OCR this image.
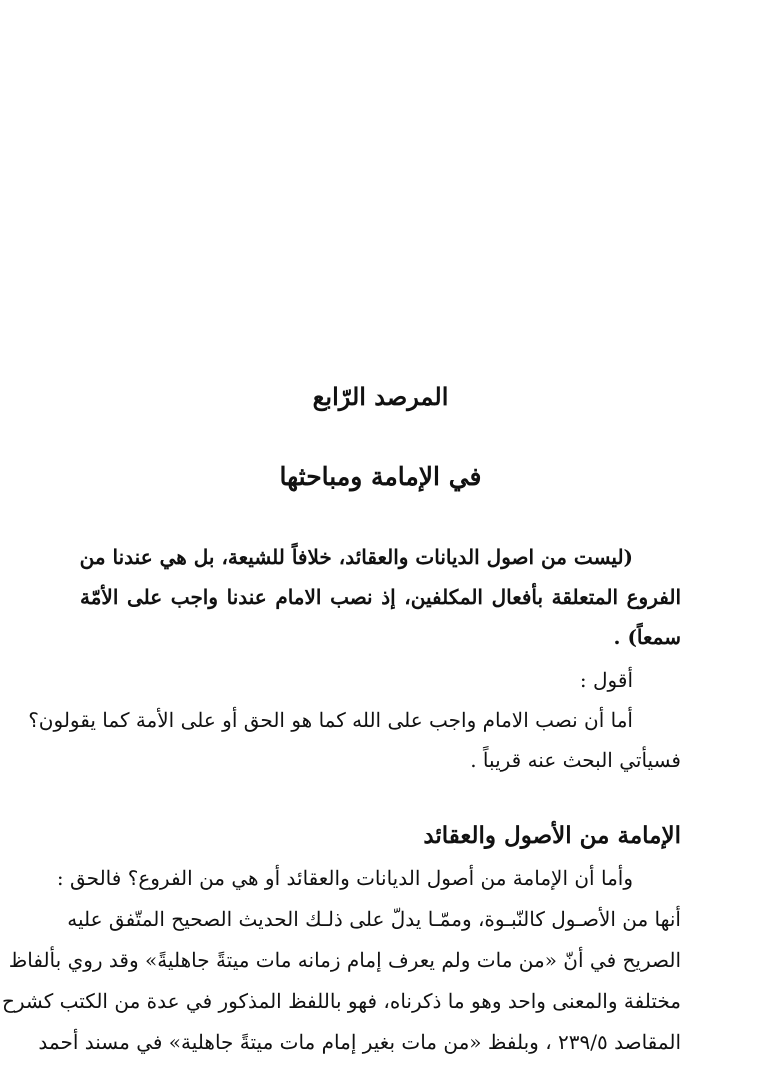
المرصد الرّابع
في الإمامة ومباحثها
(ليست من اصول الديانات والعقائد، خلافاً للشيعة، بل هي عندنا من
الفروع المتعلقة بأفعال المكلفين، إذ نصب الامام عندنا واجب على الأمّة
سمعاً) .
أقول :
أما أن نصب الامام واجب على الله كما هو الحق أو على الأمة كما يقولون؟
فسيأتي البحث عنه قريباً .
الإمامة من الأصول والعقائد
وأما أن الإمامة من أصول الديانات والعقائد أو هي من الفروع؟ فالحق :
أنها من الأصـول كالنّبـوة، وممّـا يدلّ على ذلـك الحديث الصحيح المتّفق عليه
الصريح في أنّ «من مات ولم يعرف إمام زمانه مات ميتةً جاهليةً» وقد روي بألفاظ
مختلفة والمعنى واحد وهو ما ذكرناه، فهو باللفظ المذكور في عدة من الكتب كشرح
المقاصد ٢٣٩/٥ ، وبلفظ «من مات بغير إمام مات ميتةً جاهلية» في مسند أحمد
